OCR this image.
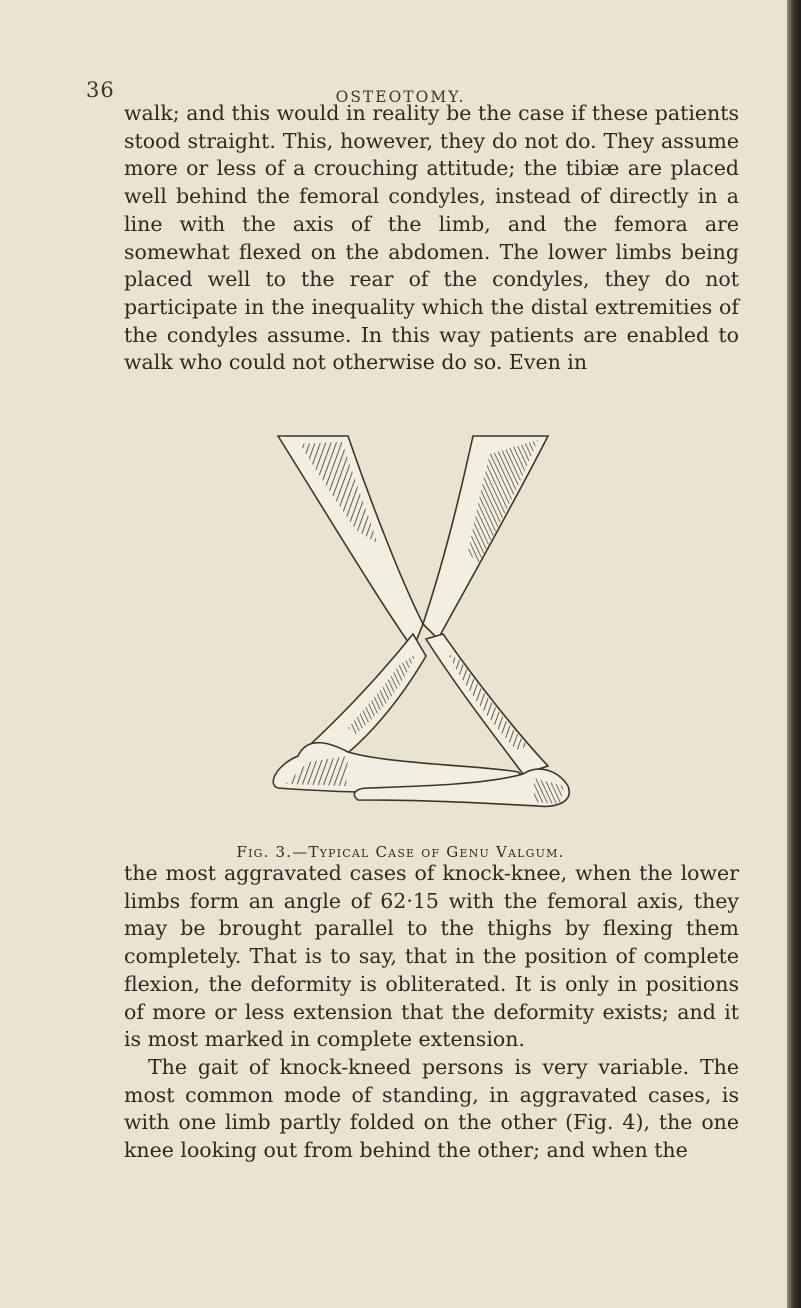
36	OSTEOTOMY.

walk; and this would in reality be the case if these patients stood straight. This, however, they do not do. They assume more or less of a crouching attitude; the tibiæ are placed well behind the femoral condyles, instead of directly in a line with the axis of the limb, and the femora are somewhat flexed on the abdomen. The lower limbs being placed well to the rear of the condyles, they do not participate in the inequality which the distal extremities of the condyles assume. In this way patients are enabled to walk who could not otherwise do so. Even in

Fig. 3.—Typical Case of Genu Valgum.
the most aggravated cases of knock-knee, when the lower limbs form an angle of 62·15 with the femoral axis, they may be brought parallel to the thighs by flexing them completely. That is to say, that in the position of complete flexion, the deformity is obliterated. It is only in positions of more or less extension that the deformity exists; and it is most marked in complete extension.
The gait of knock-kneed persons is very variable. The most common mode of standing, in aggravated cases, is with one limb partly folded on the other (Fig. 4), the one knee looking out from behind the other; and when the
